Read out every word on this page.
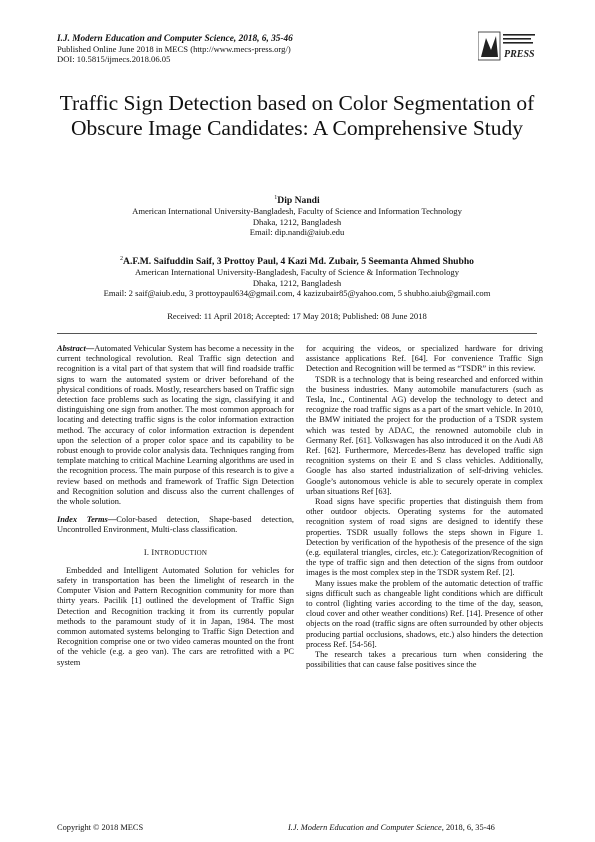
I.J. Modern Education and Computer Science, 2018, 6, 35-46
Published Online June 2018 in MECS (http://www.mecs-press.org/)
DOI: 10.5815/ijmecs.2018.06.05	PRESS
Traffic Sign Detection based on Color Segmentation of Obscure Image Candidates: A Comprehensive Study
$^1$Dip Nandi
American International University-Bangladesh, Faculty of Science and Information Technology
Dhaka, 1212, Bangladesh
Email: dip.nandi@aiub.edu
$^2$A.F.M. Saifuddin Saif, 3 Prottoy Paul, 4 Kazi Md. Zubair, 5 Seemanta Ahmed Shubho
American International University-Bangladesh, Faculty of Science & Information Technology
Dhaka, 1212, Bangladesh
Email: 2 saif@aiub.edu, 3 prottoypaul634@gmail.com, 4 kazizubair85@yahoo.com, 5 shubho.aiub@gmail.com
Received: 11 April 2018; Accepted: 17 May 2018; Published: 08 June 2018

Abstract—Automated Vehicular System has become a necessity in the current technological revolution. Real Traffic sign detection and recognition is a vital part of that system that will find roadside traffic signs to warn the automated system or driver beforehand of the physical conditions of roads. Mostly, researchers based on Traffic sign detection face problems such as locating the sign, classifying it and distinguishing one sign from another. The most common approach for locating and detecting traffic signs is the color information extraction method. The accuracy of color information extraction is dependent upon the selection of a proper color space and its capability to be robust enough to provide color analysis data. Techniques ranging from template matching to critical Machine Learning algorithms are used in the recognition process. The main purpose of this research is to give a review based on methods and framework of Traffic Sign Detection and Recognition solution and discuss also the current challenges of the whole solution.

Index Terms—Color-based detection, Shape-based detection, Uncontrolled Environment, Multi-class classification.

I. INTRODUCTION

Embedded and Intelligent Automated Solution for vehicles for safety in transportation has been the limelight of research in the Computer Vision and Pattern Recognition community for more than thirty years. Pacilik [1] outlined the development of Traffic Sign Detection and Recognition tracking it from its currently popular methods to the paramount study of it in Japan, 1984. The most common automated systems belonging to Traffic Sign Detection and Recognition comprise one or two video cameras mounted on the front of the vehicle (e.g. a geo van). The cars are retrofitted with a PC system

for acquiring the videos, or specialized hardware for driving assistance applications Ref. [64]. For convenience Traffic Sign Detection and Recognition will be termed as “TSDR” in this review.

TSDR is a technology that is being researched and enforced within the business industries. Many automobile manufacturers (such as Tesla, Inc., Continental AG) develop the technology to detect and recognize the road traffic signs as a part of the smart vehicle. In 2010, the BMW initiated the project for the production of a TSDR system which was tested by ADAC, the renowned automobile club in Germany Ref. [61]. Volkswagen has also introduced it on the Audi A8 Ref. [62]. Furthermore, Mercedes-Benz has developed traffic sign recognition systems on their E and S class vehicles. Additionally, Google has also started industrialization of self-driving vehicles. Google’s autonomous vehicle is able to securely operate in complex urban situations Ref [63].

Road signs have specific properties that distinguish them from other outdoor objects. Operating systems for the automated recognition system of road signs are designed to identify these properties. TSDR usually follows the steps shown in Figure 1. Detection by verification of the hypothesis of the presence of the sign (e.g. equilateral triangles, circles, etc.): Categorization/Recognition of the type of traffic sign and then detection of the signs from outdoor images is the most complex step in the TSDR system Ref. [2].

Many issues make the problem of the automatic detection of traffic signs difficult such as changeable light conditions which are difficult to control (lighting varies according to the time of the day, season, cloud cover and other weather conditions) Ref. [14]. Presence of other objects on the road (traffic signs are often surrounded by other objects producing partial occlusions, shadows, etc.) also hinders the detection process Ref. [54-56].

The research takes a precarious turn when considering the possibilities that can cause false positives since the

Copyright © 2018 MECS	I.J. Modern Education and Computer Science, 2018, 6, 35-46
